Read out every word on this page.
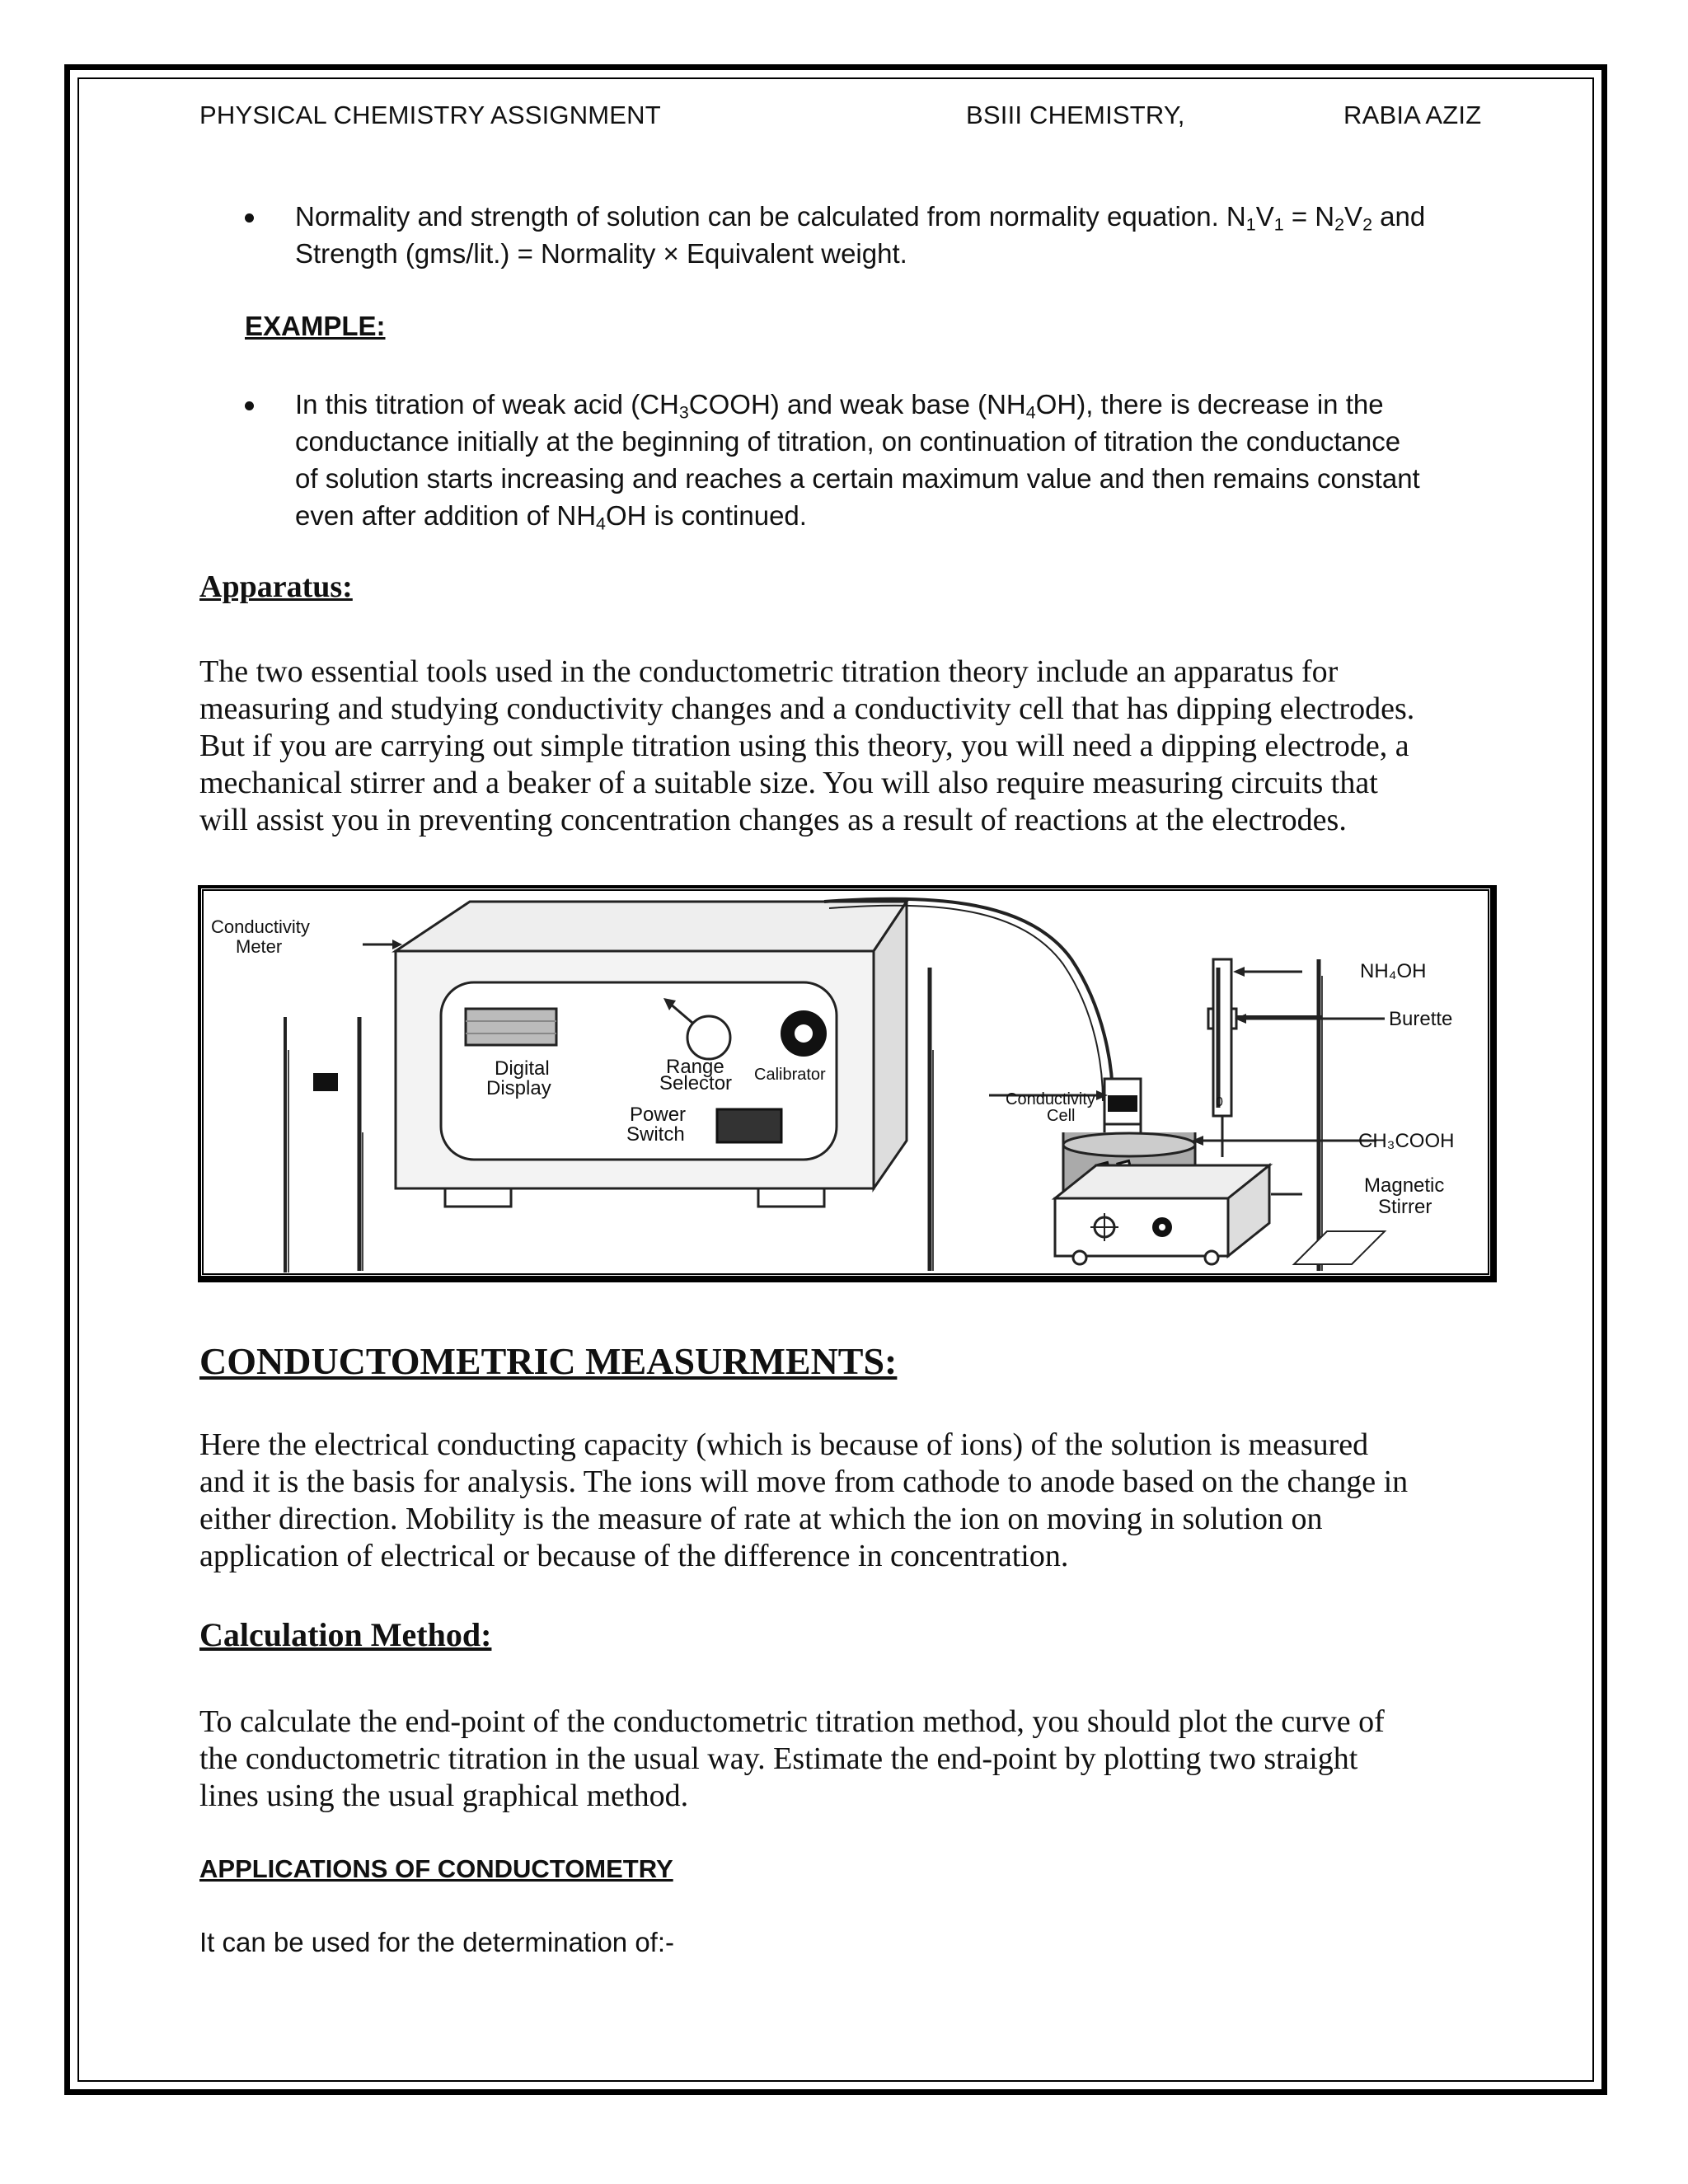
PHYSICAL CHEMISTRY ASSIGNMENT	BSIII CHEMISTRY,	RABIA AZIZ
Normality and strength of solution can be calculated from normality equation. $N_1V_1 = N_2V_2$ and
Strength (gms/lit.) = Normality × Equivalent weight.
EXAMPLE:
In this titration of weak acid $(CH_3COOH)$ and weak base $(NH_4OH)$, there is decrease in the
conductance initially at the beginning of titration, on continuation of titration the conductance
of solution starts increasing and reaches a certain maximum value and then remains constant
even after addition of $NH_4OH$ is continued.
Apparatus:
The two essential tools used in the conductometric titration theory include an apparatus for
measuring and studying conductivity changes and a conductivity cell that has dipping electrodes.
But if you are carrying out simple titration using this theory, you will need a dipping electrode, a
mechanical stirrer and a beaker of a suitable size. You will also require measuring circuits that
will assist you in preventing concentration changes as a result of reactions at the electrodes.
Conductivity
Meter
Digital
Display
Range
Selector Calibrator
Power
Switch
Conductivity
Cell
0
NH₄OH
Burette
CH₃COOH
Magnetic
Stirrer
CONDUCTOMETRIC MEASURMENTS:
Here the electrical conducting capacity (which is because of ions) of the solution is measured
and it is the basis for analysis. The ions will move from cathode to anode based on the change in
either direction. Mobility is the measure of rate at which the ion on moving in solution on
application of electrical or because of the difference in concentration.
Calculation Method:
To calculate the end-point of the conductometric titration method, you should plot the curve of
the conductometric titration in the usual way. Estimate the end-point by plotting two straight
lines using the usual graphical method.
APPLICATIONS OF CONDUCTOMETRY
It can be used for the determination of:-
